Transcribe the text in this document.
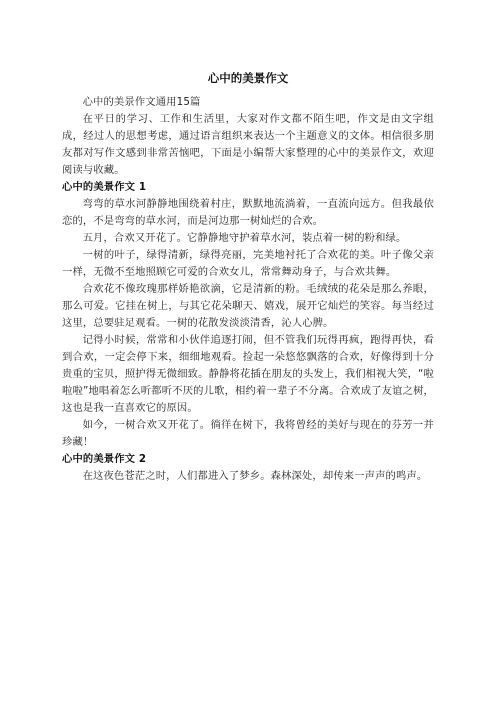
心中的美景作文

心中的美景作文通用15篇

在平日的学习、工作和生活里，大家对作文都不陌生吧，作文是由文字组成，经过人的思想考虑，通过语言组织来表达一个主题意义的文体。相信很多朋友都对写作文感到非常苦恼吧，下面是小编帮大家整理的心中的美景作文，欢迎阅读与收藏。

心中的美景作文 1

弯弯的草水河静静地围绕着村庄，默默地流淌着，一直流向远方。但我最依恋的，不是弯弯的草水河，而是河边那一树灿烂的合欢。

五月，合欢又开花了。它静静地守护着草水河，装点着一树的粉和绿。

一树的叶子，绿得清新，绿得亮丽，完美地衬托了合欢花的美。叶子像父亲一样，无微不至地照顾它可爱的合欢女儿，常常舞动身子，与合欢共舞。

合欢花不像玫瑰那样娇艳欲滴，它是清新的粉。毛绒绒的花朵是那么养眼，那么可爱。它挂在树上，与其它花朵聊天、嬉戏，展开它灿烂的笑容。每当经过这里，总要驻足观看。一树的花散发淡淡清香，沁人心脾。

记得小时候，常常和小伙伴追逐打闹，但不管我们玩得再疯，跑得再快，看到合欢，一定会停下来，细细地观看。捡起一朵悠悠飘落的合欢，好像得到十分贵重的宝贝，照护得无微细致。静静将花插在朋友的头发上，我们相视大笑，“啦啦啦”地唱着怎么听都听不厌的儿歌，相约着一辈子不分离。合欢成了友谊之树，这也是我一直喜欢它的原因。

如今，一树合欢又开花了。徜徉在树下，我将曾经的美好与现在的芬芳一并珍藏！

心中的美景作文 2

在这夜色苍茫之时，人们都进入了梦乡。森林深处，却传来一声声的鸣声。
